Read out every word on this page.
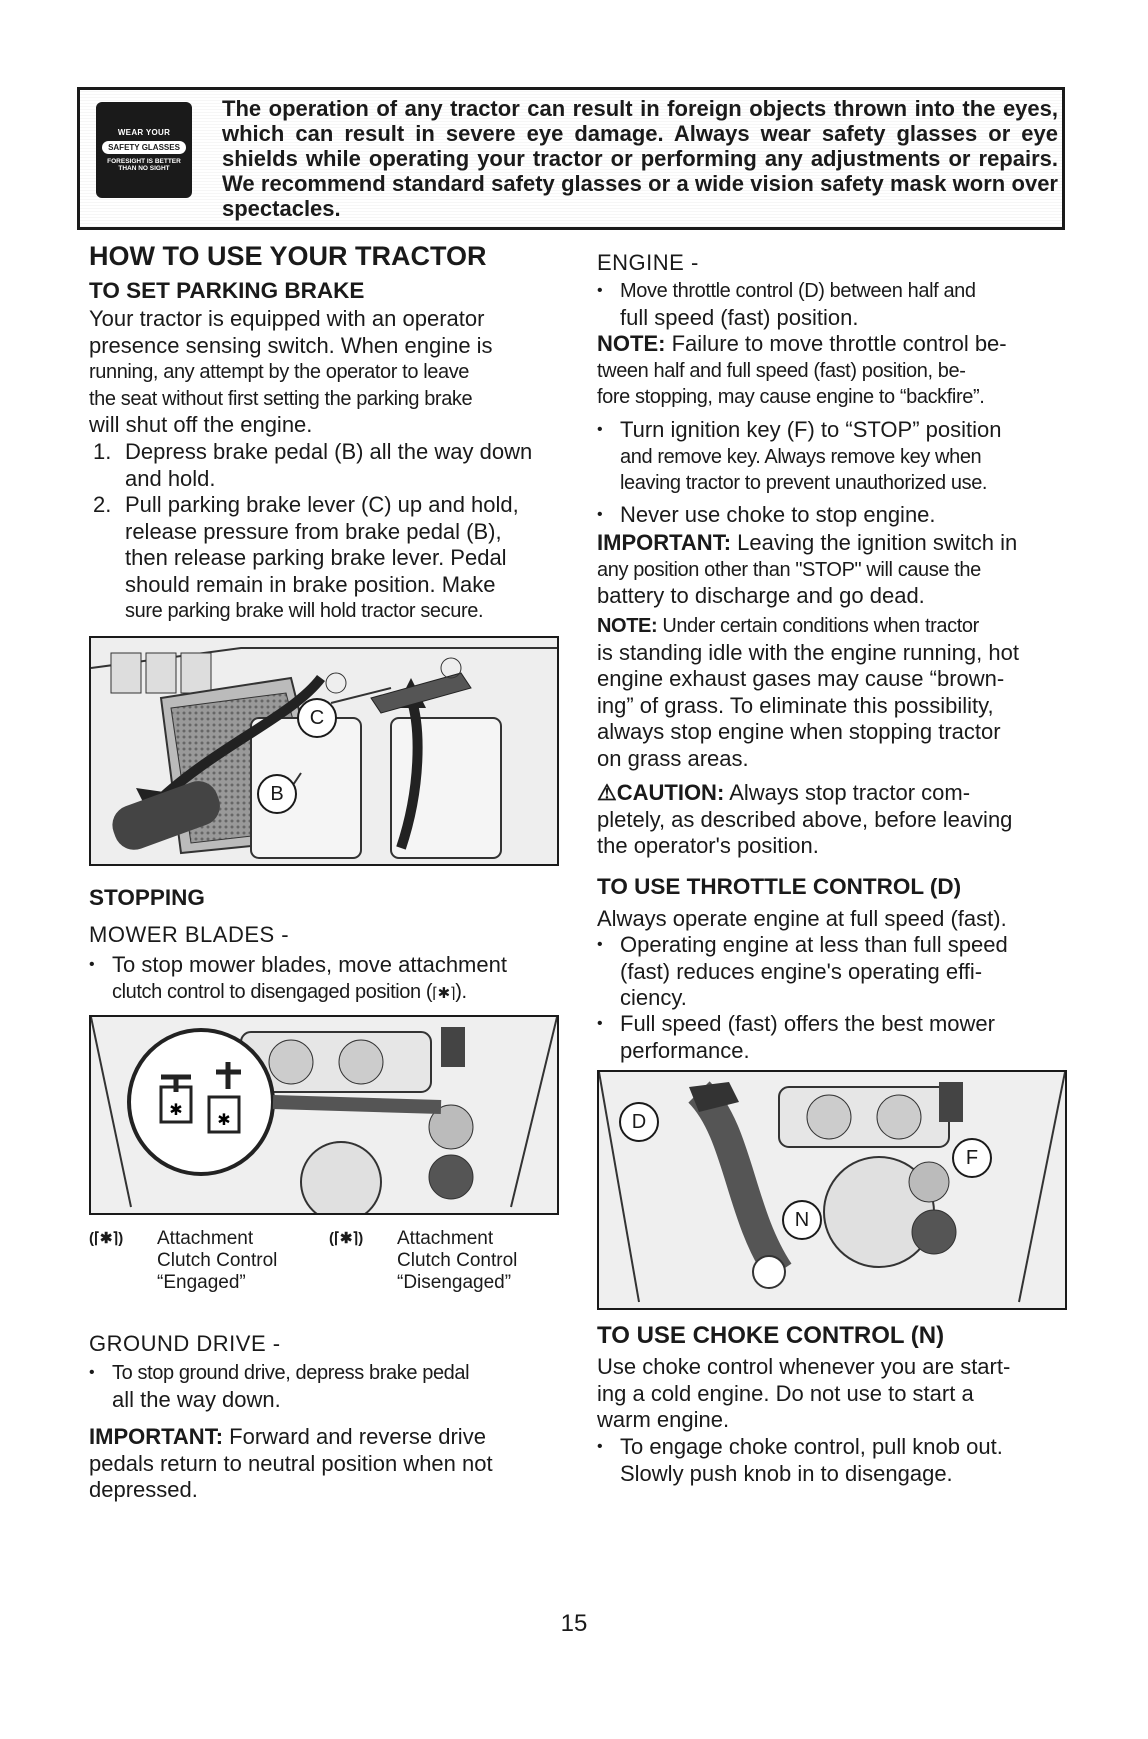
WEAR YOUR
SAFETY GLASSES
FORESIGHT IS BETTER
THAN NO SIGHT
The operation of any tractor can result in foreign objects thrown into the eyes, which can result in severe eye damage. Always wear safety glasses or eye shields while operating your tractor or performing any adjustments or repairs. We recommend standard safety glasses or a wide vision safety mask worn over spectacles.
HOW TO USE YOUR TRACTOR
TO SET PARKING BRAKE
Your tractor is equipped with an operator
presence sensing switch. When engine is
running, any attempt by the operator to leave
the seat without first setting the parking brake
will shut off the engine.
1. Depress brake pedal (B) all the way down
and hold.
2. Pull parking brake lever (C) up and hold,
release pressure from brake pedal (B),
then release parking brake lever. Pedal
should remain in brake position. Make
sure parking brake will hold tractor secure.
C
B
STOPPING
MOWER BLADES -
• To stop mower blades, move attachment
clutch control to disengaged position (⌈✱⌉).
✱
✱
(⌈✱⌉) Attachment
Clutch Control
“Engaged”
(⌈✱⌉) Attachment
Clutch Control
“Disengaged”
GROUND DRIVE -
• To stop ground drive, depress brake pedal
all the way down.
IMPORTANT: Forward and reverse drive
pedals return to neutral position when not
depressed.
ENGINE -
• Move throttle control (D) between half and
full speed (fast) position.
NOTE: Failure to move throttle control be-
tween half and full speed (fast) position, be-
fore stopping, may cause engine to “backfire”.
• Turn ignition key (F) to “STOP” position
and remove key. Always remove key when
leaving tractor to prevent unauthorized use.
• Never use choke to stop engine.
IMPORTANT: Leaving the ignition switch in
any position other than "STOP" will cause the
battery to discharge and go dead.
NOTE: Under certain conditions when tractor
is standing idle with the engine running, hot
engine exhaust gases may cause “brown-
ing” of grass. To eliminate this possibility,
always stop engine when stopping tractor
on grass areas.
⚠CAUTION: Always stop tractor com-
pletely, as described above, before leaving
the operator's position.
TO USE THROTTLE CONTROL (D)
Always operate engine at full speed (fast).
• Operating engine at less than full speed
(fast) reduces engine's operating effi-
ciency.
• Full speed (fast) offers the best mower
performance.
D
F
N
TO USE CHOKE CONTROL (N)
Use choke control whenever you are start-
ing a cold engine. Do not use to start a
warm engine.
• To engage choke control, pull knob out.
Slowly push knob in to disengage.
15
